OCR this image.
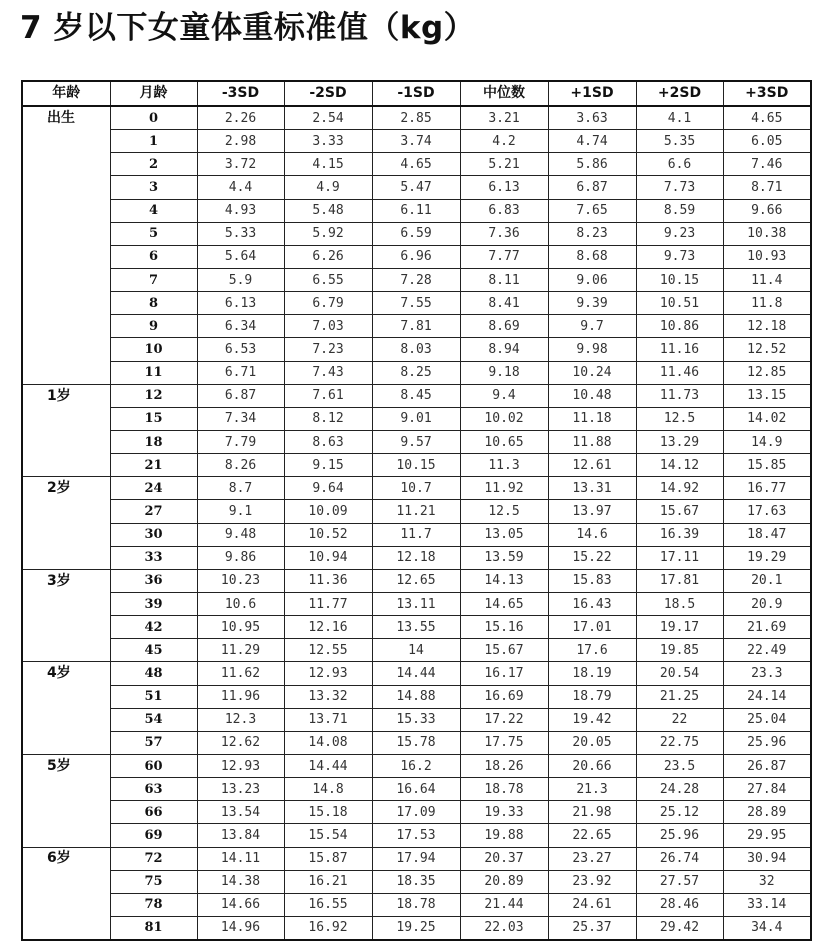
7 岁以下女童体重标准值（kg）
年龄	月龄	-3SD	-2SD	-1SD	中位数	+1SD	+2SD	+3SD
出生	0	2.26	2.54	2.85	3.21	3.63	4.1	4.65
	1	2.98	3.33	3.74	4.2	4.74	5.35	6.05
	2	3.72	4.15	4.65	5.21	5.86	6.6	7.46
	3	4.4	4.9	5.47	6.13	6.87	7.73	8.71
	4	4.93	5.48	6.11	6.83	7.65	8.59	9.66
	5	5.33	5.92	6.59	7.36	8.23	9.23	10.38
	6	5.64	6.26	6.96	7.77	8.68	9.73	10.93
	7	5.9	6.55	7.28	8.11	9.06	10.15	11.4
	8	6.13	6.79	7.55	8.41	9.39	10.51	11.8
	9	6.34	7.03	7.81	8.69	9.7	10.86	12.18
	10	6.53	7.23	8.03	8.94	9.98	11.16	12.52
	11	6.71	7.43	8.25	9.18	10.24	11.46	12.85
1岁	12	6.87	7.61	8.45	9.4	10.48	11.73	13.15
	15	7.34	8.12	9.01	10.02	11.18	12.5	14.02
	18	7.79	8.63	9.57	10.65	11.88	13.29	14.9
	21	8.26	9.15	10.15	11.3	12.61	14.12	15.85
2岁	24	8.7	9.64	10.7	11.92	13.31	14.92	16.77
	27	9.1	10.09	11.21	12.5	13.97	15.67	17.63
	30	9.48	10.52	11.7	13.05	14.6	16.39	18.47
	33	9.86	10.94	12.18	13.59	15.22	17.11	19.29
3岁	36	10.23	11.36	12.65	14.13	15.83	17.81	20.1
	39	10.6	11.77	13.11	14.65	16.43	18.5	20.9
	42	10.95	12.16	13.55	15.16	17.01	19.17	21.69
	45	11.29	12.55	14	15.67	17.6	19.85	22.49
4岁	48	11.62	12.93	14.44	16.17	18.19	20.54	23.3
	51	11.96	13.32	14.88	16.69	18.79	21.25	24.14
	54	12.3	13.71	15.33	17.22	19.42	22	25.04
	57	12.62	14.08	15.78	17.75	20.05	22.75	25.96
5岁	60	12.93	14.44	16.2	18.26	20.66	23.5	26.87
	63	13.23	14.8	16.64	18.78	21.3	24.28	27.84
	66	13.54	15.18	17.09	19.33	21.98	25.12	28.89
	69	13.84	15.54	17.53	19.88	22.65	25.96	29.95
6岁	72	14.11	15.87	17.94	20.37	23.27	26.74	30.94
	75	14.38	16.21	18.35	20.89	23.92	27.57	32
	78	14.66	16.55	18.78	21.44	24.61	28.46	33.14
	81	14.96	16.92	19.25	22.03	25.37	29.42	34.4
